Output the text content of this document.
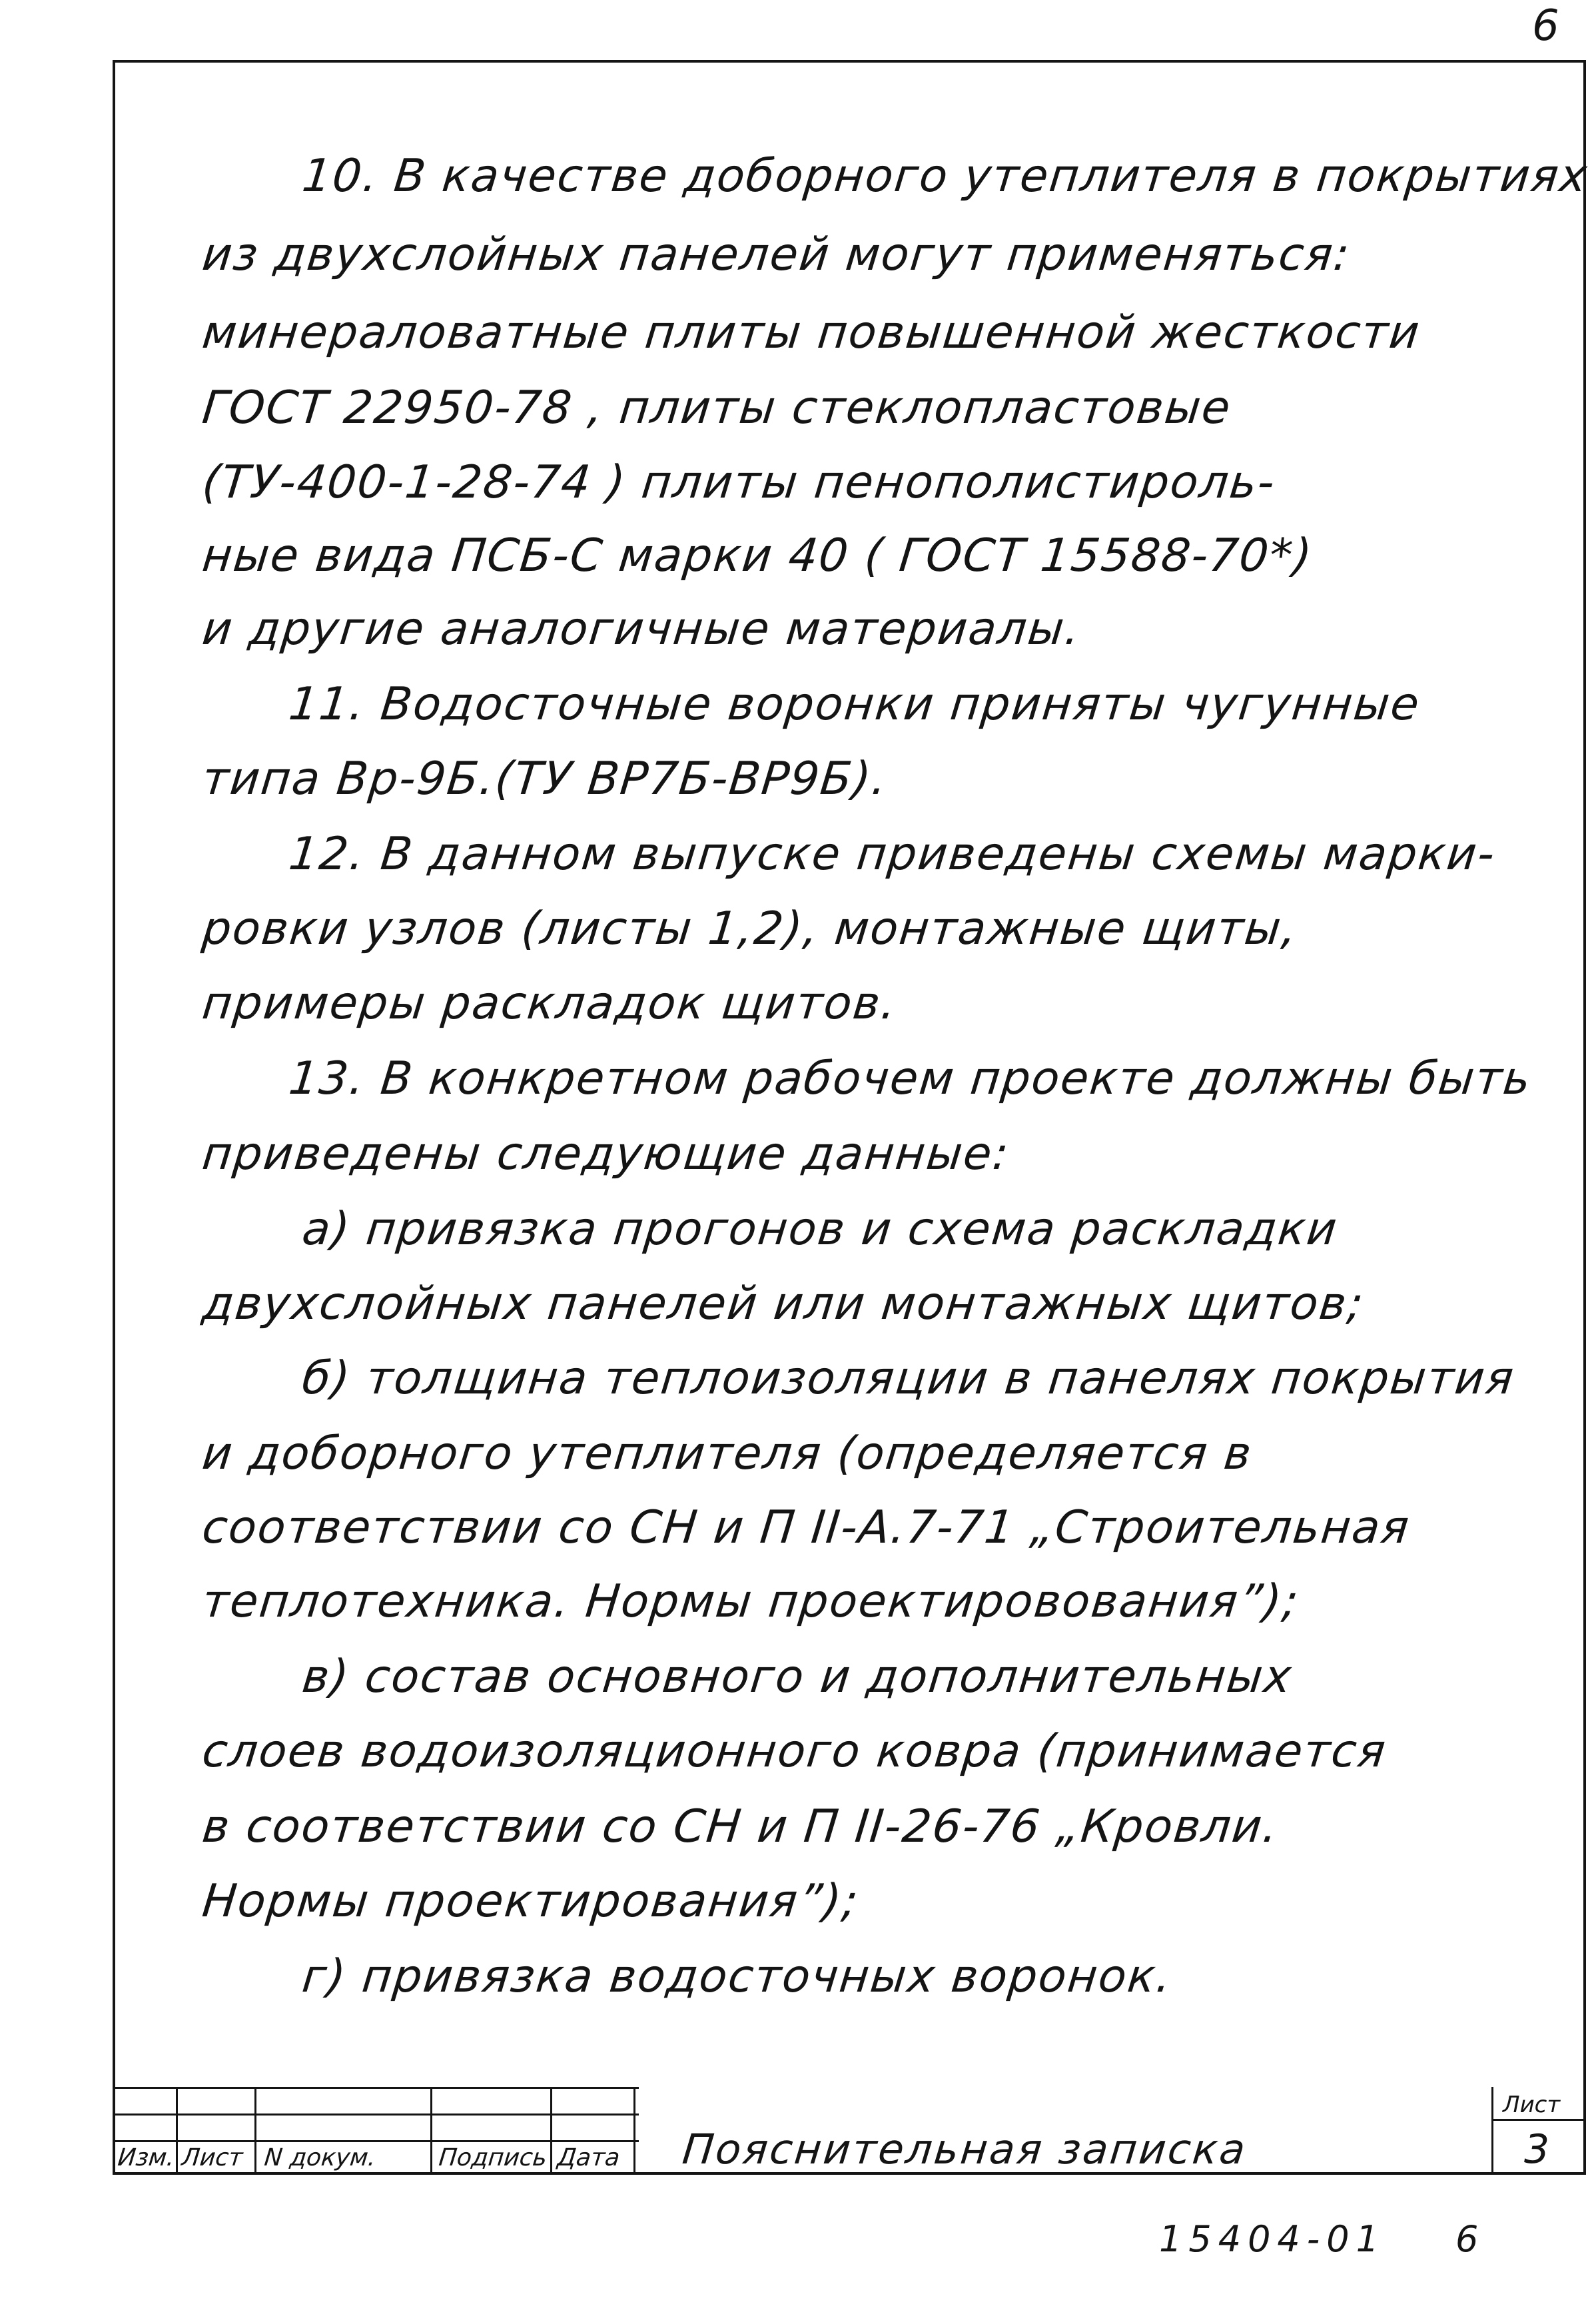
6
10. В качестве доборного утеплителя в покрытиях
из двухслойных панелей могут применяться:
минераловатные плиты повышенной жесткости
ГОСТ 22950-78 , плиты стеклопластовые
(ТУ-400-1-28-74 ) плиты пенополистироль-
ные вида ПСБ-С марки 40 ( ГОСТ 15588-70*)
и другие аналогичные материалы.
11. Водосточные воронки приняты чугунные
типа Вр-9Б.(ТУ ВР7Б-ВР9Б).
12. В данном выпуске приведены схемы марки-
ровки узлов (листы 1,2), монтажные щиты,
примеры раскладок щитов.
13. В конкретном рабочем проекте должны быть
приведены следующие данные:
а) привязка прогонов и схема раскладки
двухслойных панелей или монтажных щитов;
б) толщина теплоизоляции в панелях покрытия
и доборного утеплителя (определяется в
соответствии со СН и П II-А.7-71 „Строительная
теплотехника. Нормы проектировования”);
в) состав основного и дополнительных
слоев водоизоляционного ковра (принимается
в соответствии со СН и П II-26-76 „Кровли.
Нормы проектирования”);
г) привязка водосточных воронок.
Изм. Лист N докум.	Подпись Дата Пояснительная записка
Лист
3
15404-01 6
